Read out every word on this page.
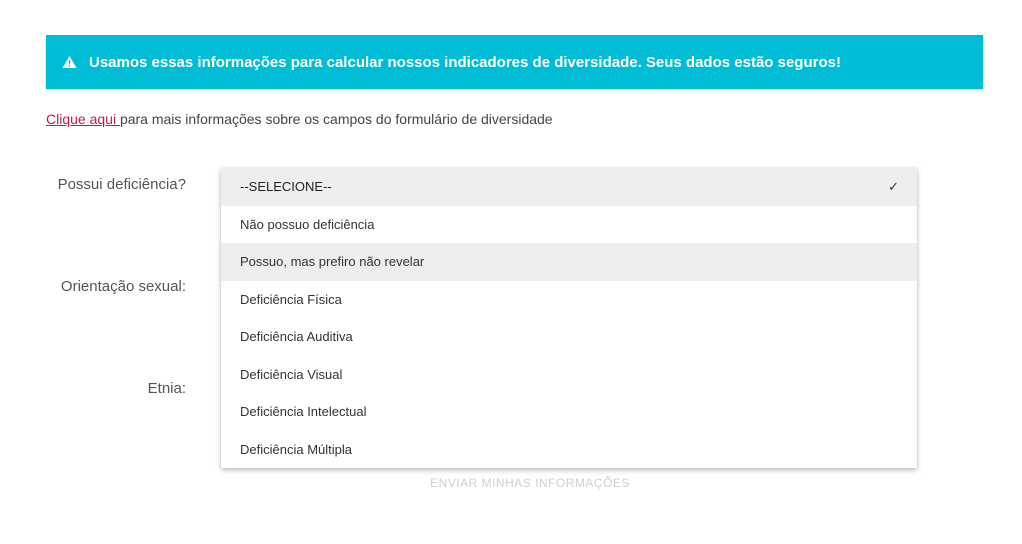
Usamos essas informações para calcular nossos indicadores de diversidade. Seus dados estão seguros!
Clique aqui para mais informações sobre os campos do formulário de diversidade
Possui deficiência?
Orientação sexual:
Etnia:
--SELECIONE--	✓
Não possuo deficiência
Possuo, mas prefiro não revelar
Deficiência Física
Deficiência Auditiva
Deficiência Visual
Deficiência Intelectual
Deficiência Múltipla
ENVIAR MINHAS INFORMAÇÕES
